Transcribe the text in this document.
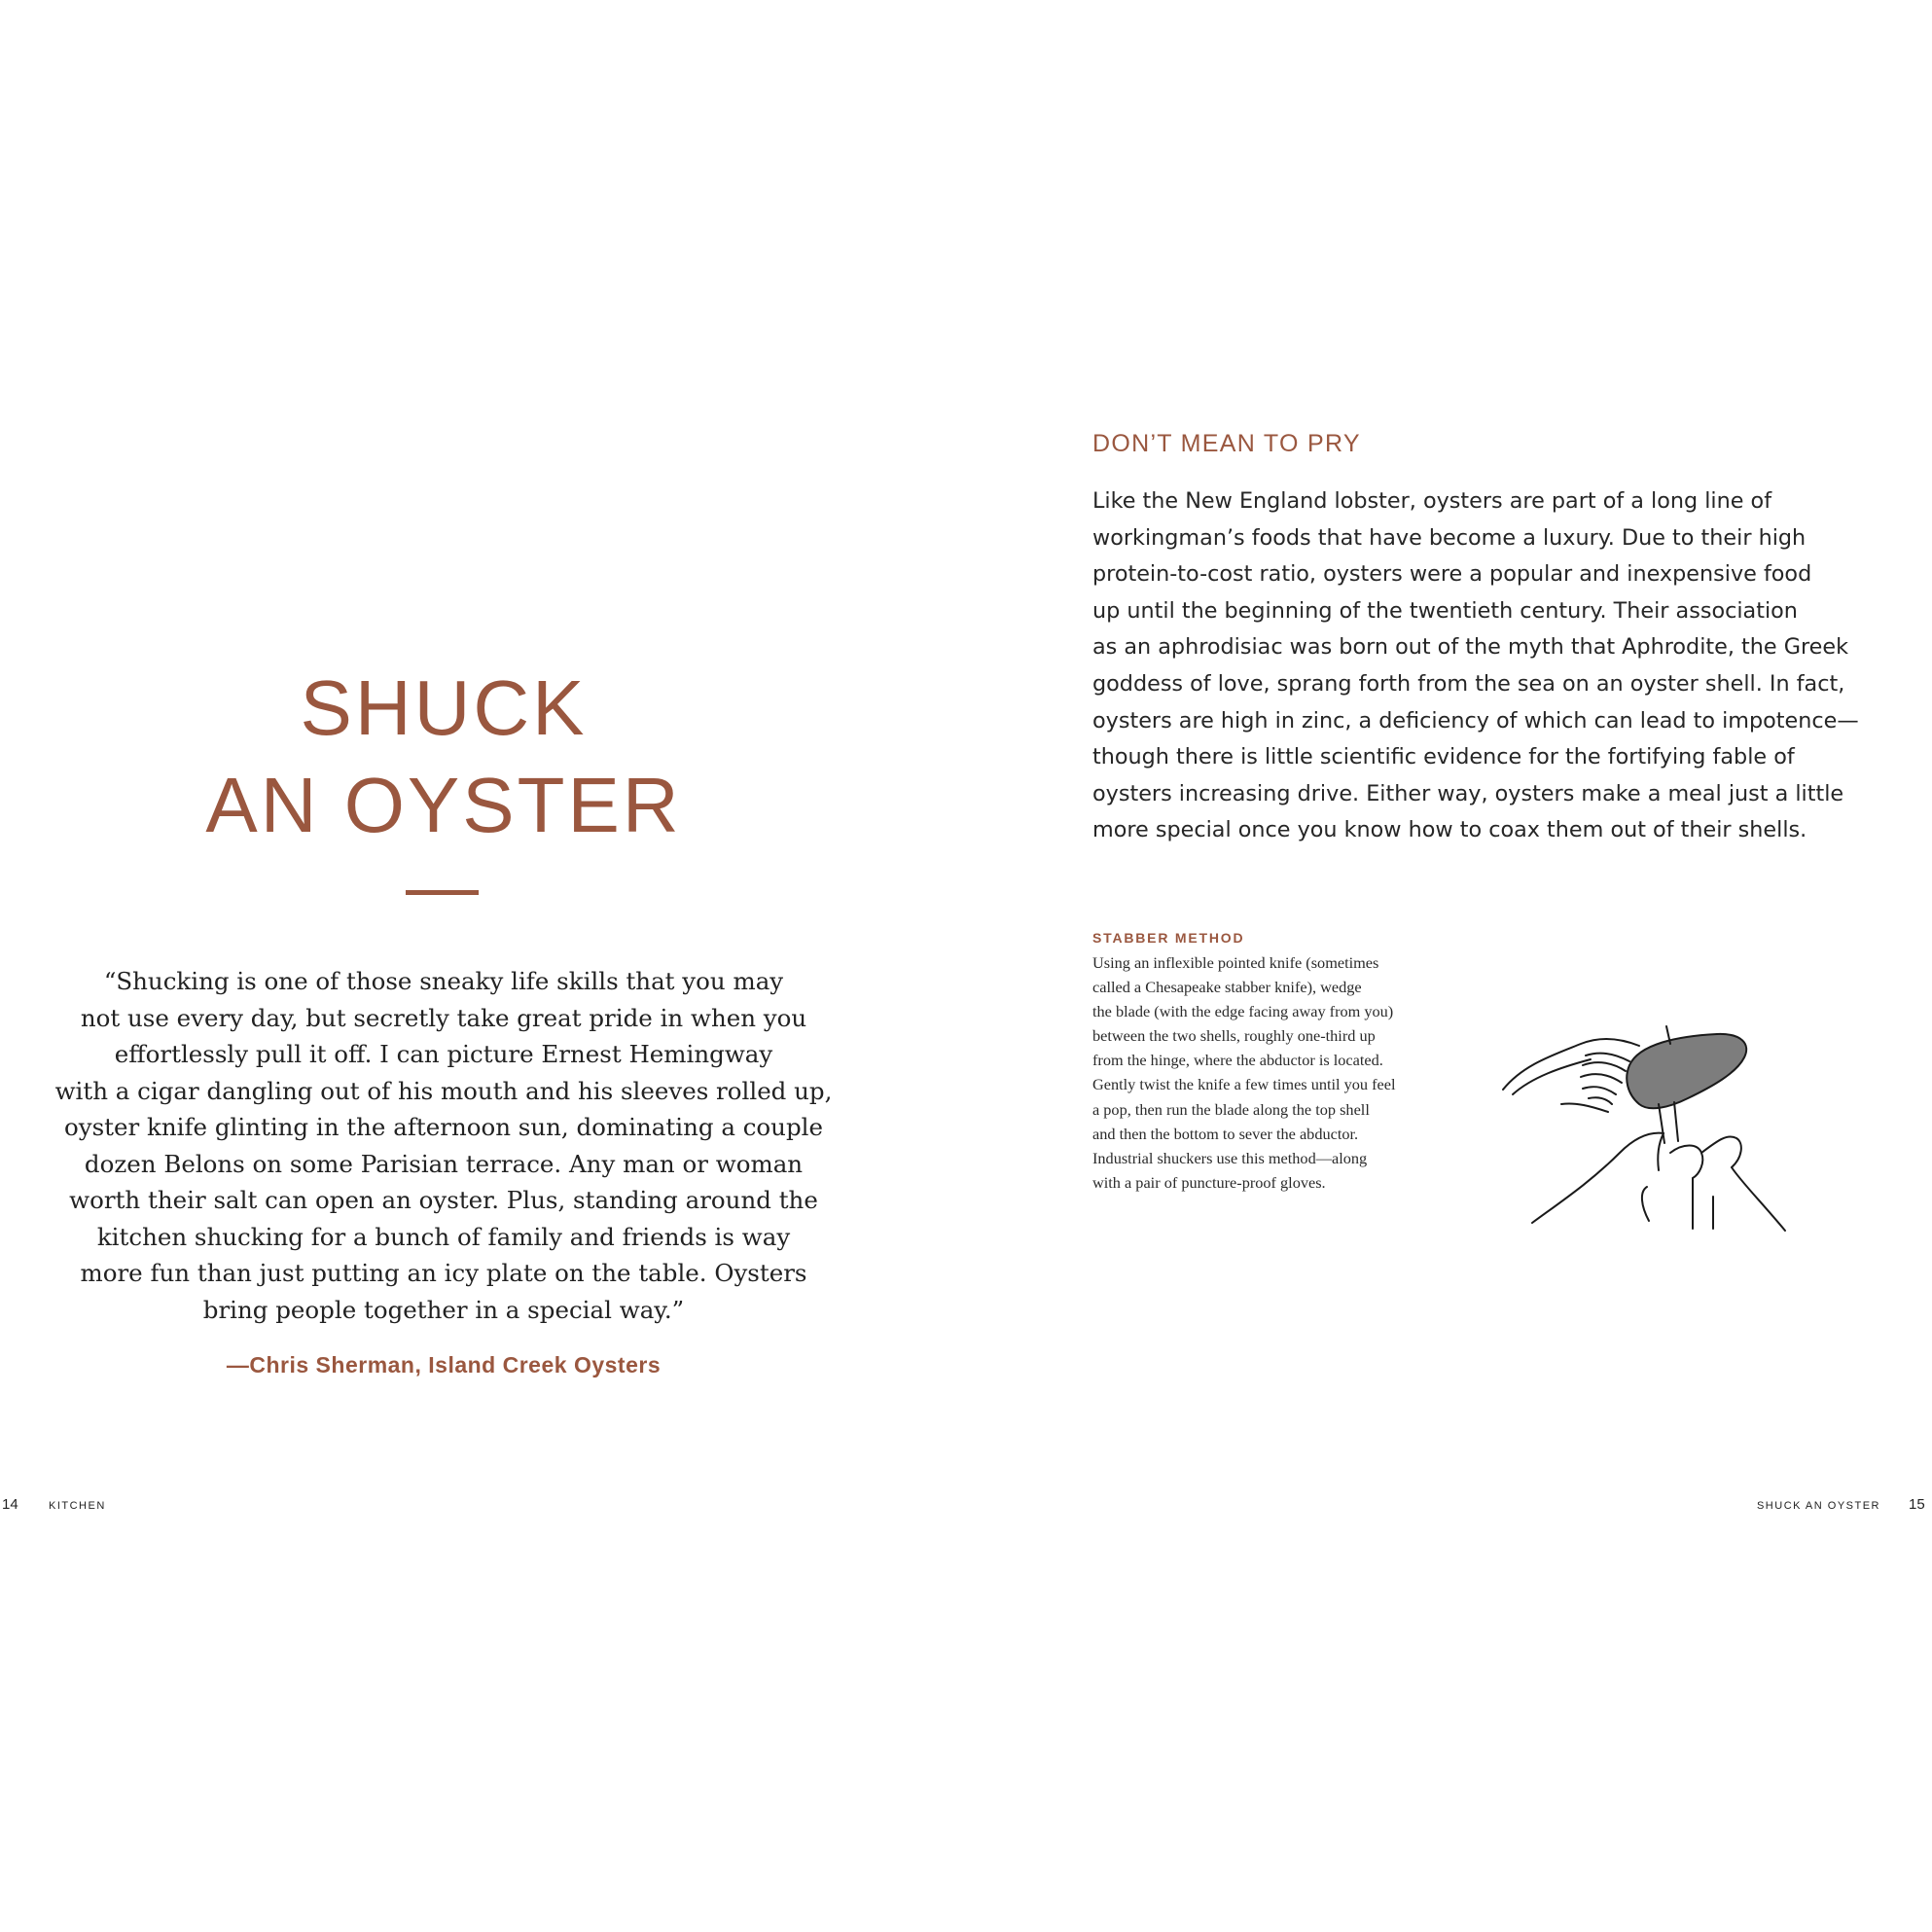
SHUCK
AN OYSTER
“Shucking is one of those sneaky life skills that you may
not use every day, but secretly take great pride in when you
effortlessly pull it off. I can picture Ernest Hemingway
with a cigar dangling out of his mouth and his sleeves rolled up,
oyster knife glinting in the afternoon sun, dominating a couple
dozen Belons on some Parisian terrace. Any man or woman
worth their salt can open an oyster. Plus, standing around the
kitchen shucking for a bunch of family and friends is way
more fun than just putting an icy plate on the table. Oysters
bring people together in a special way.”
—Chris Sherman, Island Creek Oysters
14	KITCHEN
DON’T MEAN TO PRY
Like the New England lobster, oysters are part of a long line of
workingman’s foods that have become a luxury. Due to their high
protein-to-cost ratio, oysters were a popular and inexpensive food
up until the beginning of the twentieth century. Their association
as an aphrodisiac was born out of the myth that Aphrodite, the Greek
goddess of love, sprang forth from the sea on an oyster shell. In fact,
oysters are high in zinc, a deficiency of which can lead to impotence—
though there is little scientific evidence for the fortifying fable of
oysters increasing drive. Either way, oysters make a meal just a little
more special once you know how to coax them out of their shells.
STABBER METHOD
Using an inflexible pointed knife (sometimes
called a Chesapeake stabber knife), wedge
the blade (with the edge facing away from you)
between the two shells, roughly one-third up
from the hinge, where the abductor is located.
Gently twist the knife a few times until you feel
a pop, then run the blade along the top shell
and then the bottom to sever the abductor.
Industrial shuckers use this method—along
with a pair of puncture-proof gloves.
SHUCK AN OYSTER 15
